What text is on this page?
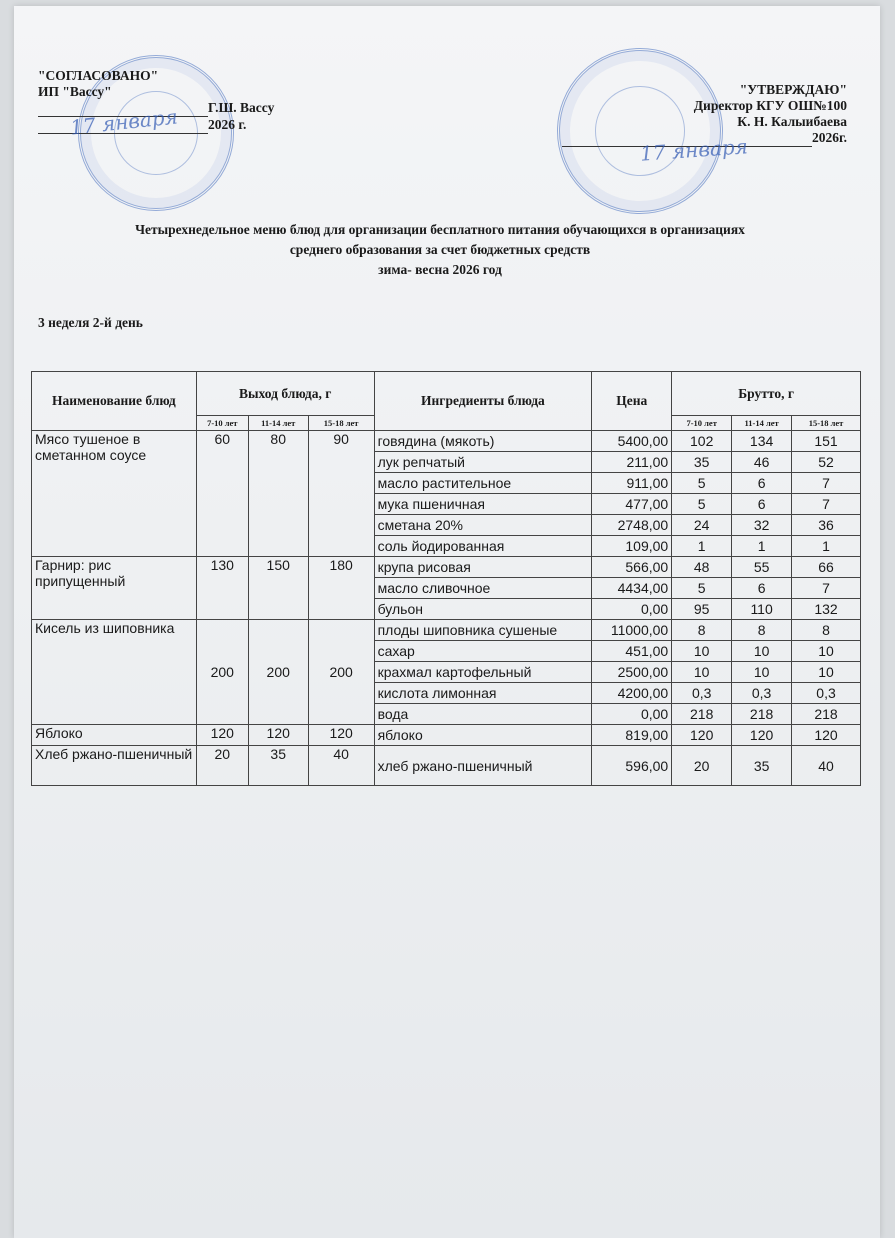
"СОГЛАСОВАНО"
ИП "Вассу"
Г.Ш. Вассу
2026 г.
17 января
"УТВЕРЖДАЮ"
Директор КГУ ОШ№100
К. Н. Калыибаева
2026г.
17 января
Четырехнедельное меню блюд для организации бесплатного питания обучающихся в организациях
среднего образования за счет бюджетных средств
зима- весна 2026 год
3 неделя 2-й день
Наименование блюд	Выход блюда, г			Ингредиенты блюда	Цена	Брутто, г		
	7-10 лет	11-14 лет	15-18 лет			7-10 лет	11-14 лет	15-18 лет
Мясо тушеное в сметанном соусе	60	80	90	говядина (мякоть)	5400,00	102	134	151
				лук репчатый	211,00	35	46	52
				масло растительное	911,00	5	6	7
				мука пшеничная	477,00	5	6	7
				сметана 20%	2748,00	24	32	36
				соль йодированная	109,00	1	1	1
Гарнир: рис припущенный	130	150	180	крупа рисовая	566,00	48	55	66
				масло сливочное	4434,00	5	6	7
				бульон	0,00	95	110	132
Кисель из шиповника	200	200	200	плоды шиповника сушеные	11000,00	8	8	8
				сахар	451,00	10	10	10
				крахмал картофельный	2500,00	10	10	10
				кислота лимонная	4200,00	0,3	0,3	0,3
				вода	0,00	218	218	218
Яблоко	120	120	120	яблоко	819,00	120	120	120
Хлеб ржано-пшеничный	20	35	40	хлеб ржано-пшеничный	596,00	20	35	40
